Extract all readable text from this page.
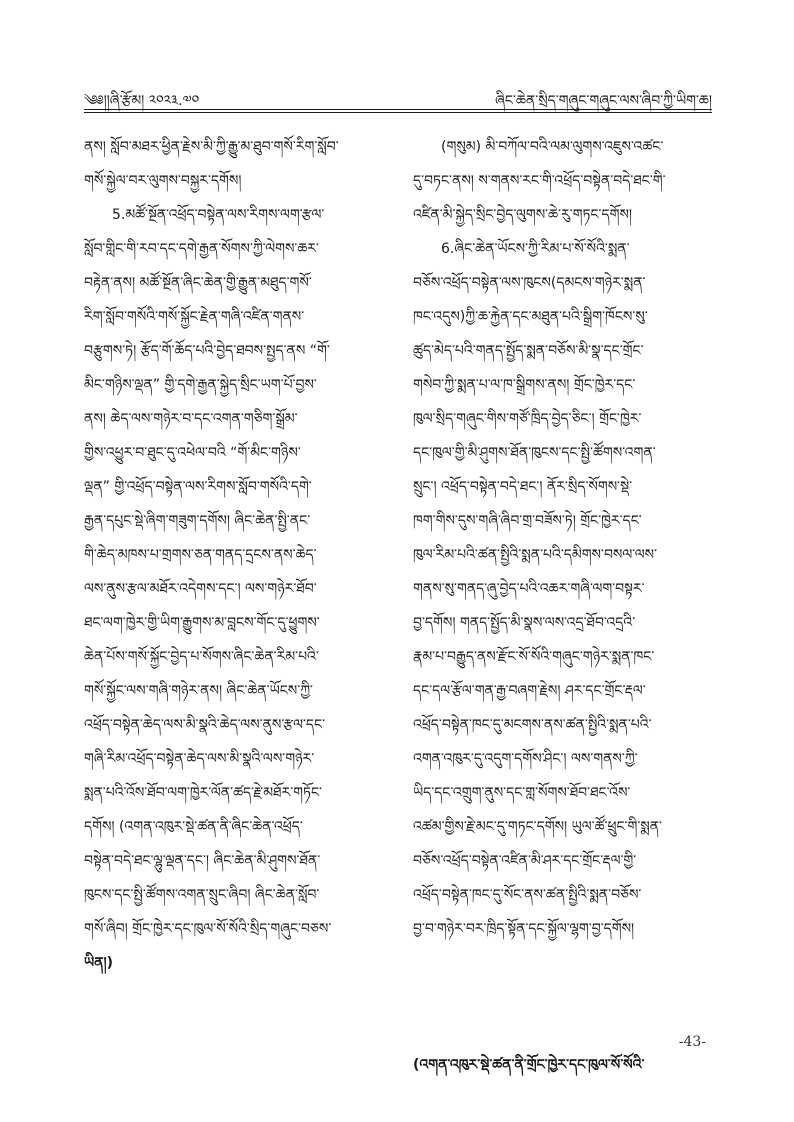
༄༅།།ཞི་རྩོམ། ༢༠༢༣.༧༠	ཞིང་ཆེན་སྲིད་གཞུང་གཞུང་ལས་ཞིབ་ཀྱི་ཡིག་ཆ།
ནས། སློབ་མཐར་ཕྱིན་རྗེས་མི་ཀྱི་རྒྱུ་མ་ཐུབ་གསོ་རིག་སློབ་
གསོ་སྐྱེལ་བར་ལུགས་བསྐྱར་དགོས།
5.མཚོ་སྔོན་འཕྲོད་བསྟེན་ལས་རིགས་ལག་རྩལ་
སློབ་གླིང་གི་རབ་དང་དགེ་རྒྱན་སོགས་ཀྱི་ལེགས་ཆར་
བརྟེན་ནས། མཚོ་སྔོན་ཞིང་ཆེན་གྱི་རྒྱུན་མཐུད་གསོ་
རིག་སློབ་གསོའི་གསོ་སྐྱོང་རྗེན་གཞི་འཛིན་གནས་
བརྩུགས་ཏེ། རྩོད་གོ་ཆོད་པའི་བྱེད་ཐབས་སྤྱད་ནས “གོ་
མིང་གཉིས་ལྡན” གྱི་དགེ་རྒྱན་སྐྱེད་སྲིང་ཡག་པོ་བྱས་
ནས། ཆེད་ལས་གཉེར་བ་དང་འགན་གཅིག་སྒྲོམ་
གྱིས་འཕྱུར་བ་ཐུང་དུ་འཕེལ་བའི “གོ་མིང་གཉིས་
ལྡན” གྱི་འཕྲོད་བསྟེན་ལས་རིགས་སློབ་གསོའི་དགེ་
རྒྱན་དཔུང་སྡེ་ཞིག་གཟུག་དགོས། ཞིང་ཆེན་སྤྱི་ནང་
གི་ཆེད་མཁས་པ་གྲགས་ཅན་གནད་དྲངས་ནས་ཆེད་
ལས་ནུས་རྩལ་མཐོར་འདེགས་དང་། ལས་གཉེར་ཐོབ་
ཐང་ལག་ཁྱེར་གྱི་ཡིག་རྒྱུགས་མ་བླངས་གོང་དུ་ཕྱུགས་
ཆེན་པོས་གསོ་སྐྱོང་བྱེད་པ་སོགས་ཞིང་ཆེན་རིམ་པའི་
གསོ་སྐྱོང་ལས་གཞི་གཉེར་ནས། ཞིང་ཆེན་ཡོངས་ཀྱི་
འཕྲོད་བསྟེན་ཆེད་ལས་མི་སྣའི་ཆེད་ལས་ནུས་རྩལ་དང་
གཞི་རིམ་འཕྲོད་བསྟེན་ཆེད་ལས་མི་སྣའི་ལས་གཉེར་
སྨན་པའི་འོས་ཐོབ་ལག་ཁྱེར་ལོན་ཚད་རྗེ་མཐོར་གཏོང་
དགོས། (འགན་འཁུར་སྡེ་ཚན་ནི་ཞིང་ཆེན་འཕྲོད་
བསྟེན་བདེ་ཐང་ལྷུ་ལྡན་དང་། ཞིང་ཆེན་མི་ཤུགས་ཐོན་
ཁུངས་དང་སྤྱི་ཚོགས་འགན་སྲུང་ཞིབ། ཞིང་ཆེན་སློབ་
གསོ་ཞིབ། གྲོང་ཁྱེར་དང་ཁུལ་སོ་སོའི་སྲིད་གཞུང་བཅས་
ཡིན།)
(གསུམ) མི་བཀོལ་བའི་ལམ་ལུགས་འཇུས་འཚང་
དུ་བཏང་ནས། ས་གནས་རང་གི་འཕྲོད་བསྟེན་བདེ་ཐང་གི་
འཛིན་མི་སྐྱེད་སྲིང་བྱེད་ལུགས་ཆེ་རུ་གཏང་དགོས།
6.ཞིང་ཆེན་ཡོངས་ཀྱི་རིམ་པ་སོ་སོའི་སྨན་
བཅོས་འཕྲོད་བསྟེན་ལས་ཁུངས(དམངས་གཉེར་སྨན་
ཁང་འདུས)ཀྱི་ཆ་རྐྱེན་དང་མཐུན་པའི་སྒྲིག་ཁོངས་སུ་
ཚུད་མེད་པའི་གནད་སྤྱོད་སྨན་བཅོས་མི་སྣ་དང་གྲོང་
གསེབ་ཀྱི་སྨན་པ་ལ་ཁ་སྒྲིགས་ནས། གྲོང་ཁྱེར་དང་
ཁུལ་སྲིད་གཞུང་གིས་གཙོ་ཁྲིད་བྱེད་ཅིང་། གྲོང་ཁྱེར་
དང་ཁུལ་གྱི་མི་ཤུགས་ཐོན་ཁུངས་དང་སྤྱི་ཚོགས་འགན་
སྲུང་། འཕྲོད་བསྟེན་བདེ་ཐང་། ནོར་སྲིད་སོགས་སྡེ་
ཁག་གིས་དུས་གཞི་ཞིབ་གྲ་བཟོས་ཏེ། གྲོང་ཁྱེར་དང་
ཁུལ་རིམ་པའི་ཚན་སྤྱིའི་སྨན་པའི་དམིགས་བསལ་ལས་
གནས་སུ་གནད་ཞུ་བྱེད་པའི་འཆར་གཞི་ལག་བསྟར་
བྱ་དགོས། གནད་སྤྱོད་མི་སྣས་ལས་འདྲ་ཐོབ་འདྲའི་
རྣམ་པ་བརྒྱུད་ནས་རྫོང་སོ་སོའི་གཞུང་གཉེར་སྨན་ཁང་
དང་དལ་རྩོལ་གན་རྒྱ་བཞག་རྗེས། ཤར་དང་གྲོང་རྡལ་
འཕྲོད་བསྟེན་ཁང་དུ་མངགས་ནས་ཚན་སྤྱིའི་སྨན་པའི་
འགན་འཁུར་དུ་འདུག་དགོས་ཤིང་། ལས་གནས་ཀྱི་
ཡིད་དང་འགྲུག་ནུས་དང་གླ་སོགས་ཐོབ་ཐང་འོས་
འཚམ་གྱིས་རྗེ་མང་དུ་གཏང་དགོས། ཡུལ་ཚོ་ཕྲུང་གི་སྨན་
བཅོས་འཕྲོད་བསྟེན་འཛིན་མི་ཤར་དང་གྲོང་རྡལ་གྱི་
འཕྲོད་བསྟེན་ཁང་དུ་སོང་ནས་ཚན་སྤྱིའི་སྨན་བཅོས་
བྱ་བ་གཉེར་བར་ཁྲིད་སྟོན་དང་སྐྱོལ་ལྷག་བྱ་དགོས།
(འགན་འཁུར་སྡེ་ཚན་ནི་གྲོང་ཁྱེར་དང་ཁུལ་སོ་སོའི་
-43-
